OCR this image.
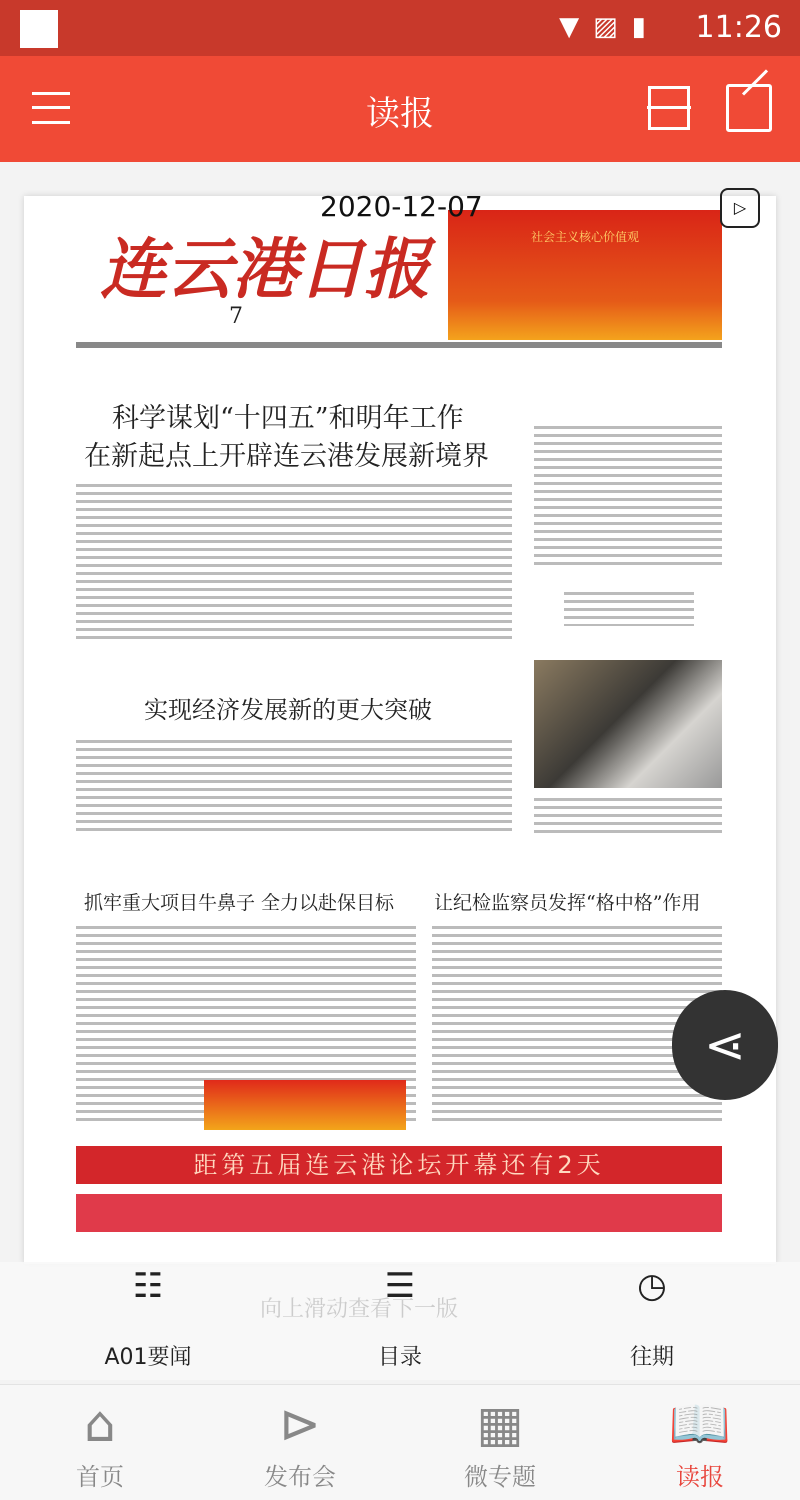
▼▨▮ 11:26
读报
连云港日报
7
社会主义核心价值观
2020-12-07	▷
科学谋划“十四五”和明年工作
在新起点上开辟连云港发展新境界
实现经济发展新的更大突破
抓牢重大项目牛鼻子 全力以赴保目标 让纪检监察员发挥“格中格”作用
距第五届连云港论坛开幕还有2天
⋖
向上滑动查看下一版
☷
A01要闻
☰
目录
◷
往期
⌂
首页
⊳
发布会
▦
微专题
📖
读报
